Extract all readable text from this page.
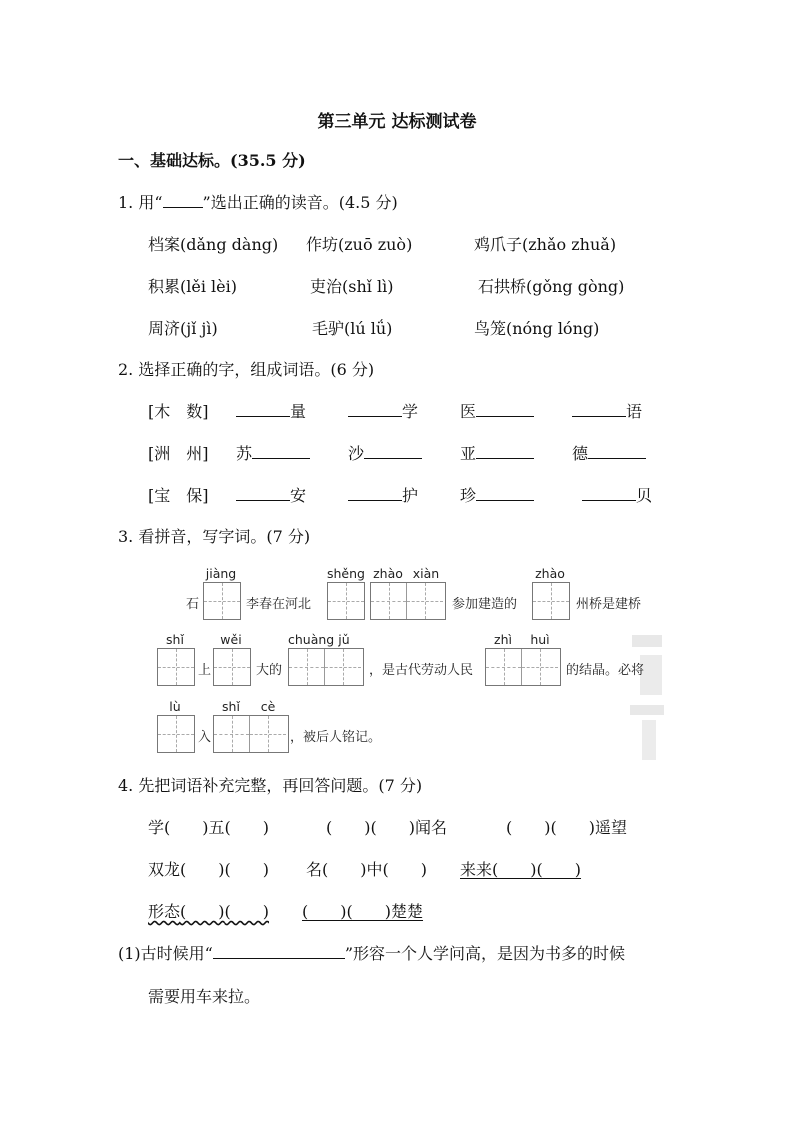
第三单元 达标测试卷
一、基础达标。(35.5 分)
1. 用“	”选出正确的读音。(4.5 分)
档案(dǎng dàng) 作坊(zuō zuò)	鸡爪子(zhǎo zhuǎ)
积累(lěi lèi)	吏治(shǐ lì)	石拱桥(gǒng gòng)
周济(jǐ jì)	毛驴(lú lǘ)	鸟笼(nóng lóng)
2. 选择正确的字，组成词语。(6 分)
[木　数]	量	学	医	语
[洲　州] 苏	沙	亚	德
[宝　保]	安	护	珍	贝
3. 看拼音，写字词。(7 分)
jiàng	shěng zhào xiàn	zhào
石	李春在河北	参加建造的	州桥是建桥
shǐ	wěi	chuàng jǔ	zhì	huì
上	大的	，是古代劳动人民	的结晶。必将
lù	shǐ	cè
入	，被后人铭记。
4. 先把词语补充完整，再回答问题。(7 分)
学(　　)五(　　)	(　　)(　　)闻名	(　　)(　　)遥望
双龙(　　)(　　) 名(　　)中(　　) 来来(　　)(　　)
形态(　　)(　　) (　　)(　　)楚楚
(1)古时候用“	”形容一个人学问高，是因为书多的时候
需要用车来拉。
